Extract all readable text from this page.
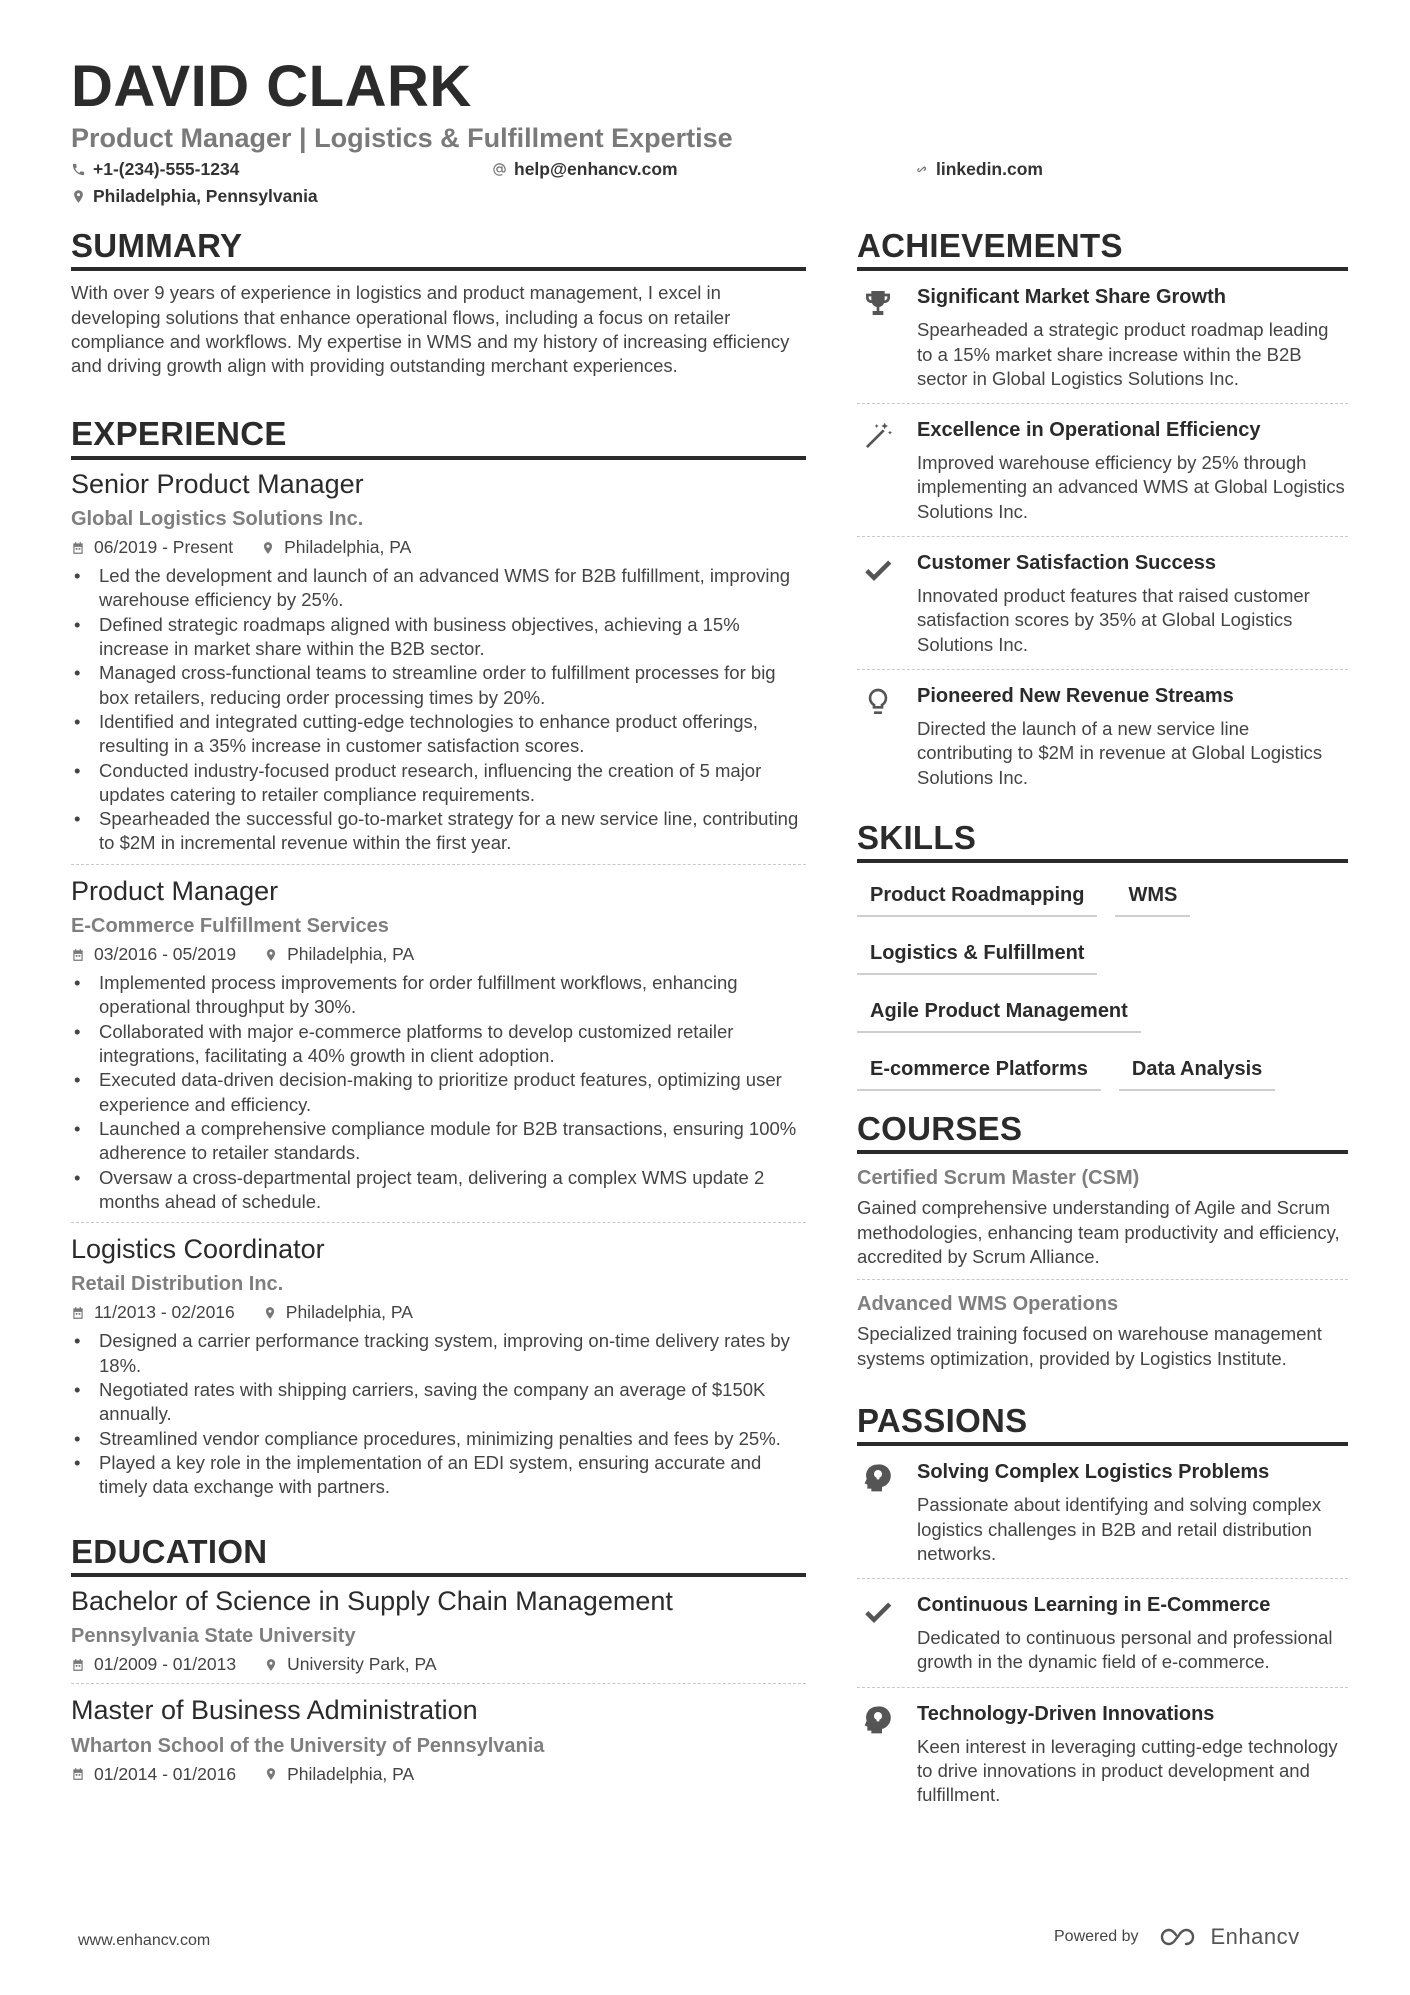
DAVID CLARK
Product Manager | Logistics & Fulfillment Expertise
+1-(234)-555-1234	help@enhancv.com	linkedin.com
Philadelphia, Pennsylvania
SUMMARY

With over 9 years of experience in logistics and product management, I excel in developing solutions that enhance operational flows, including a focus on retailer compliance and workflows. My expertise in WMS and my history of increasing efficiency and driving growth align with providing outstanding merchant experiences.

EXPERIENCE
Senior Product Manager
Global Logistics Solutions Inc.
06/2019 - Present	Philadelphia, PA
• Led the development and launch of an advanced WMS for B2B fulfillment, improving warehouse efficiency by 25%.
• Defined strategic roadmaps aligned with business objectives, achieving a 15% increase in market share within the B2B sector.
• Managed cross-functional teams to streamline order to fulfillment processes for big box retailers, reducing order processing times by 20%.
• Identified and integrated cutting-edge technologies to enhance product offerings, resulting in a 35% increase in customer satisfaction scores.
• Conducted industry-focused product research, influencing the creation of 5 major updates catering to retailer compliance requirements.
• Spearheaded the successful go-to-market strategy for a new service line, contributing to $2M in incremental revenue within the first year.
Product Manager
E-Commerce Fulfillment Services
03/2016 - 05/2019	Philadelphia, PA
• Implemented process improvements for order fulfillment workflows, enhancing operational throughput by 30%.
• Collaborated with major e-commerce platforms to develop customized retailer integrations, facilitating a 40% growth in client adoption.
• Executed data-driven decision-making to prioritize product features, optimizing user experience and efficiency.
• Launched a comprehensive compliance module for B2B transactions, ensuring 100% adherence to retailer standards.
• Oversaw a cross-departmental project team, delivering a complex WMS update 2 months ahead of schedule.
Logistics Coordinator
Retail Distribution Inc.
11/2013 - 02/2016	Philadelphia, PA
• Designed a carrier performance tracking system, improving on-time delivery rates by 18%.
• Negotiated rates with shipping carriers, saving the company an average of $150K annually.
• Streamlined vendor compliance procedures, minimizing penalties and fees by 25%.
• Played a key role in the implementation of an EDI system, ensuring accurate and timely data exchange with partners.
EDUCATION
Bachelor of Science in Supply Chain Management
Pennsylvania State University
01/2009 - 01/2013	University Park, PA
Master of Business Administration
Wharton School of the University of Pennsylvania
01/2014 - 01/2016	Philadelphia, PA
ACHIEVEMENTS
Significant Market Share Growth
Spearheaded a strategic product roadmap leading to a 15% market share increase within the B2B sector in Global Logistics Solutions Inc.
Excellence in Operational Efficiency
Improved warehouse efficiency by 25% through implementing an advanced WMS at Global Logistics Solutions Inc.
Customer Satisfaction Success
Innovated product features that raised customer satisfaction scores by 35% at Global Logistics Solutions Inc.
Pioneered New Revenue Streams
Directed the launch of a new service line contributing to $2M in revenue at Global Logistics Solutions Inc.
SKILLS
Product Roadmapping	WMS
Logistics & Fulfillment
Agile Product Management
E-commerce Platforms	Data Analysis
COURSES
Certified Scrum Master (CSM)
Gained comprehensive understanding of Agile and Scrum methodologies, enhancing team productivity and efficiency, accredited by Scrum Alliance.
Advanced WMS Operations
Specialized training focused on warehouse management systems optimization, provided by Logistics Institute.
PASSIONS
Solving Complex Logistics Problems
Passionate about identifying and solving complex logistics challenges in B2B and retail distribution networks.
Continuous Learning in E-Commerce
Dedicated to continuous personal and professional growth in the dynamic field of e-commerce.
Technology-Driven Innovations
Keen interest in leveraging cutting-edge technology to drive innovations in product development and fulfillment.
www.enhancv.com	Powered by	Enhancv
